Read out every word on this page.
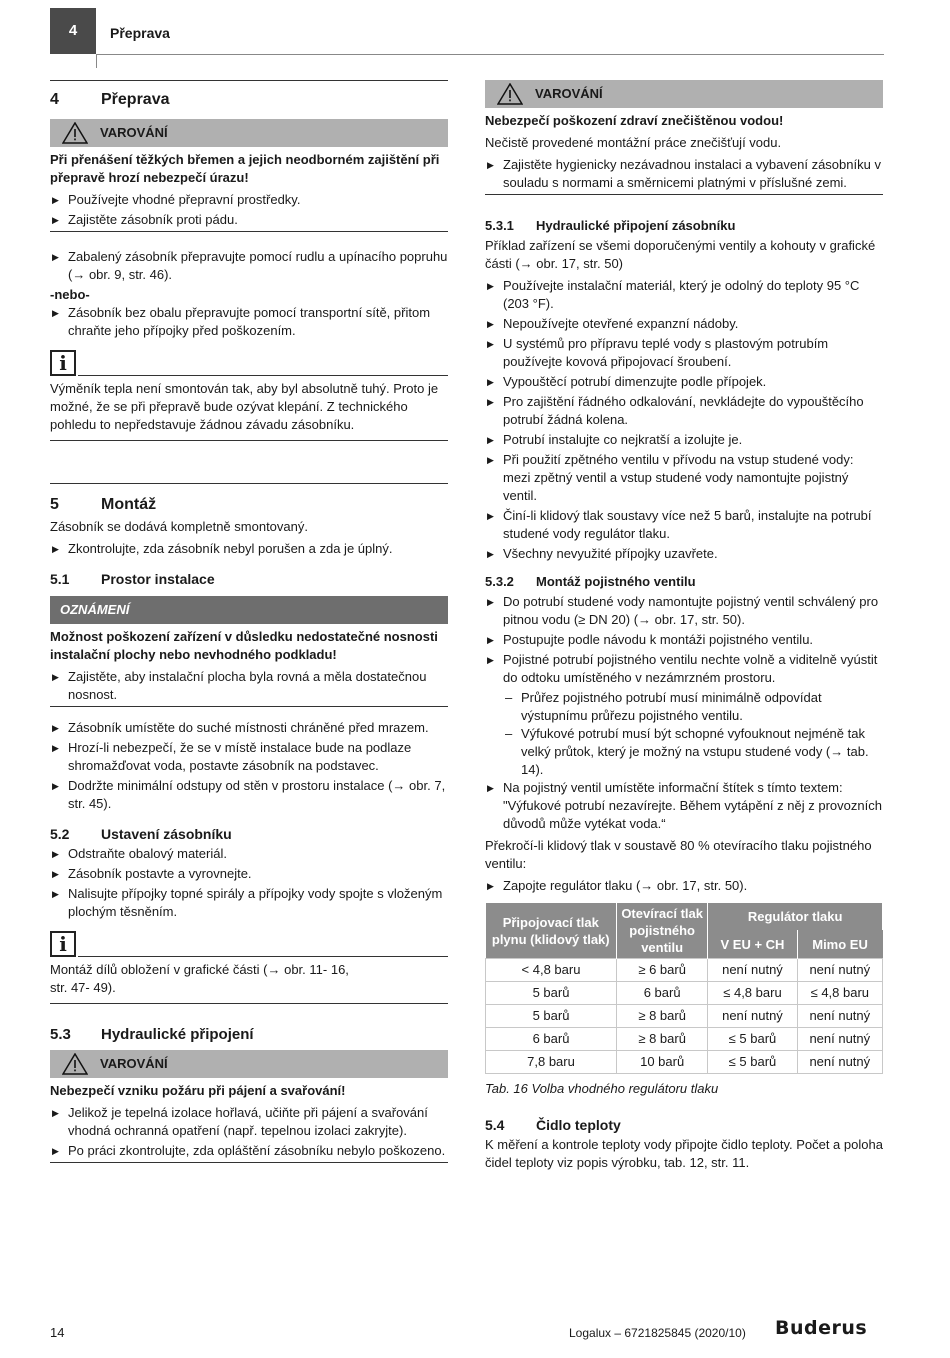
4 Přeprava
4	Přeprava
VAROVÁNÍ

Při přenášení těžkých břemen a jejich neodborném zajištění při přepravě hrozí nebezpečí úrazu!

▶ Používejte vhodné přepravní prostředky.
▶ Zajistěte zásobník proti pádu.
▶ Zabalený zásobník přepravujte pomocí rudlu a upínacího popruhu (→ obr. 9, str. 46).

-nebo-

▶ Zásobník bez obalu přepravujte pomocí transportní sítě, přitom chraňte jeho přípojky před poškozením.
i

Výměník tepla není smontován tak, aby byl absolutně tuhý. Proto je možné, že se při přepravě bude ozývat klepání. Z technického pohledu to nepředstavuje žádnou závadu zásobníku.

5	Montáž

Zásobník se dodává kompletně smontovaný.

▶ Zkontrolujte, zda zásobník nebyl porušen a zda je úplný.
5.1	Prostor instalace
OZNÁMENÍ

Možnost poškození zařízení v důsledku nedostatečné nosnosti instalační plochy nebo nevhodného podkladu!

▶ Zajistěte, aby instalační plocha byla rovná a měla dostatečnou nosnost.
▶ Zásobník umístěte do suché místnosti chráněné před mrazem.
▶ Hrozí-li nebezpečí, že se v místě instalace bude na podlaze shromažďovat voda, postavte zásobník na podstavec.
▶ Dodržte minimální odstupy od stěn v prostoru instalace (→ obr. 7, str. 45).
5.2	Ustavení zásobníku
▶ Odstraňte obalový materiál.
▶ Zásobník postavte a vyrovnejte.
▶ Nalisujte přípojky topné spirály a přípojky vody spojte s vloženým plochým těsněním.
i

Montáž dílů obložení v grafické části (→ obr. 11- 16, str. 47- 49).

5.3	Hydraulické připojení
VAROVÁNÍ

Nebezpečí vzniku požáru při pájení a svařování!

▶ Jelikož je tepelná izolace hořlavá, učiňte při pájení a svařování vhodná ochranná opatření (např. tepelnou izolaci zakryjte).
▶ Po práci zkontrolujte, zda opláštění zásobníku nebylo poškozeno.
VAROVÁNÍ

Nebezpečí poškození zdraví znečištěnou vodou!

Nečistě provedené montážní práce znečišťují vodu.

▶ Zajistěte hygienicky nezávadnou instalaci a vybavení zásobníku v souladu s normami a směrnicemi platnými v příslušné zemi.
5.3.1	Hydraulické připojení zásobníku

Příklad zařízení se všemi doporučenými ventily a kohouty v grafické části (→ obr. 17, str. 50)

▶ Používejte instalační materiál, který je odolný do teploty 95 °C (203 °F).
▶ Nepoužívejte otevřené expanzní nádoby.
▶ U systémů pro přípravu teplé vody s plastovým potrubím používejte kovová připojovací šroubení.
▶ Vypouštěcí potrubí dimenzujte podle přípojek.
▶ Pro zajištění řádného odkalování, nevkládejte do vypouštěcího potrubí žádná kolena.
▶ Potrubí instalujte co nejkratší a izolujte je.
▶ Při použití zpětného ventilu v přívodu na vstup studené vody: mezi zpětný ventil a vstup studené vody namontujte pojistný ventil.
▶ Činí-li klidový tlak soustavy více než 5 barů, instalujte na potrubí studené vody regulátor tlaku.
▶ Všechny nevyužité přípojky uzavřete.
5.3.2	Montáž pojistného ventilu
▶ Do potrubí studené vody namontujte pojistný ventil schválený pro pitnou vodu (≥ DN 20) (→ obr. 17, str. 50).
▶ Postupujte podle návodu k montáži pojistného ventilu.
▶ Pojistné potrubí pojistného ventilu nechte volně a viditelně vyústit do odtoku umístěného v nezámrzném prostoru.
– Průřez pojistného potrubí musí minimálně odpovídat výstupnímu průřezu pojistného ventilu.
– Výfukové potrubí musí být schopné vyfouknout nejméně tak velký průtok, který je možný na vstupu studené vody (→ tab. 14).
▶ Na pojistný ventil umístěte informační štítek s tímto textem: "Výfukové potrubí nezavírejte. Během vytápění z něj z provozních důvodů může vytékat voda.“

Překročí-li klidový tlak v soustavě 80 % otevíracího tlaku pojistného ventilu:

▶ Zapojte regulátor tlaku (→ obr. 17, str. 50).
Připojovací tlak plynu (klidový tlak)	Otevírací tlak pojistného ventilu	Regulátor tlaku	
		V EU + CH	Mimo EU
< 4,8 baru	≥ 6 barů	není nutný	není nutný
5 barů	6 barů	≤ 4,8 baru	≤ 4,8 baru
5 barů	≥ 8 barů	není nutný	není nutný
6 barů	≥ 8 barů	≤ 5 barů	není nutný
7,8 baru	10 barů	≤ 5 barů	není nutný

Tab. 16 Volba vhodného regulátoru tlaku

5.4	Čidlo teploty

K měření a kontrole teploty vody připojte čidlo teploty. Počet a poloha čidel teploty viz popis výrobku, tab. 12, str. 11.

14	Logalux – 6721825845 (2020/10) Buderus
